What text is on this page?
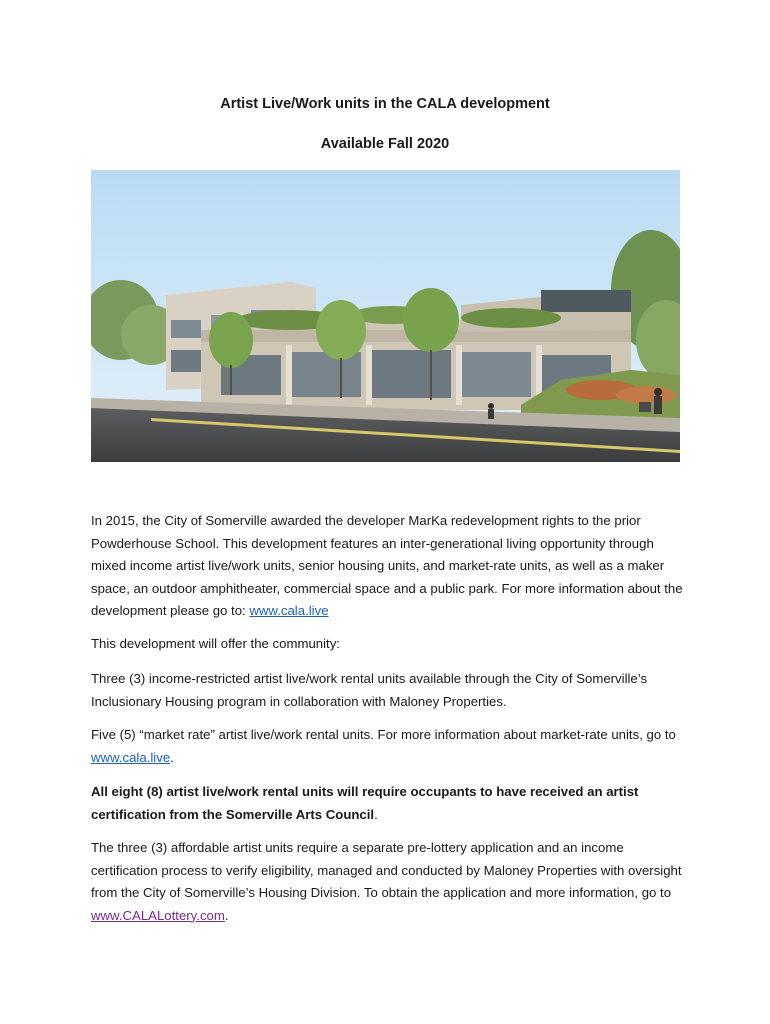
Artist Live/Work units in the CALA development
Available Fall 2020

In 2015, the City of Somerville awarded the developer MarKa redevelopment rights to the prior Powderhouse School. This development features an inter-generational living opportunity through mixed income artist live/work units, senior housing units, and market-rate units, as well as a maker space, an outdoor amphitheater, commercial space and a public park. For more information about the development please go to: www.cala.live

This development will offer the community:

Three (3) income-restricted artist live/work rental units available through the City of Somerville’s Inclusionary Housing program in collaboration with Maloney Properties.

Five (5) “market rate” artist live/work rental units. For more information about market-rate units, go to www.cala.live.

All eight (8) artist live/work rental units will require occupants to have received an artist certification from the Somerville Arts Council.

The three (3) affordable artist units require a separate pre-lottery application and an income certification process to verify eligibility, managed and conducted by Maloney Properties with oversight from the City of Somerville’s Housing Division. To obtain the application and more information, go to www.CALALottery.com.
